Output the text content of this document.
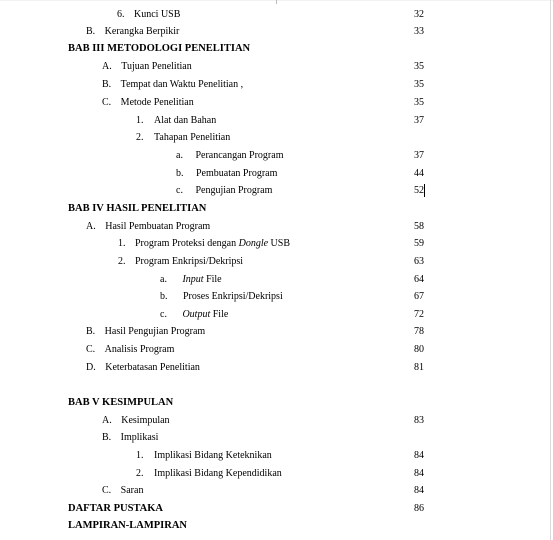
6. Kunci USB	32
B. Kerangka Berpikir	33
BAB III METODOLOGI PENELITIAN
A. Tujuan Penelitian	35
B. Tempat dan Waktu Penelitian ,	35
C. Metode Penelitian	35
1. Alat dan Bahan	37
2. Tahapan Penelitian
a. Perancangan Program	37
b. Pembuatan Program	44
c. Pengujian Program	52
BAB IV HASIL PENELITIAN
A. Hasil Pembuatan Program	58
1. Program Proteksi dengan Dongle USB	59
2. Program Enkripsi/Dekripsi	63
a. Input File	64
b. Proses Enkripsi/Dekripsi	67
c. Output File	72
B. Hasil Pengujian Program	78
C. Analisis Program	80
D. Keterbatasan Penelitian	81
BAB V KESIMPULAN
A. Kesimpulan	83
B. Implikasi
1. Implikasi Bidang Keteknikan	84
2. Implikasi Bidang Kependidikan	84
C. Saran	84
DAFTAR PUSTAKA	86
LAMPIRAN-LAMPIRAN
